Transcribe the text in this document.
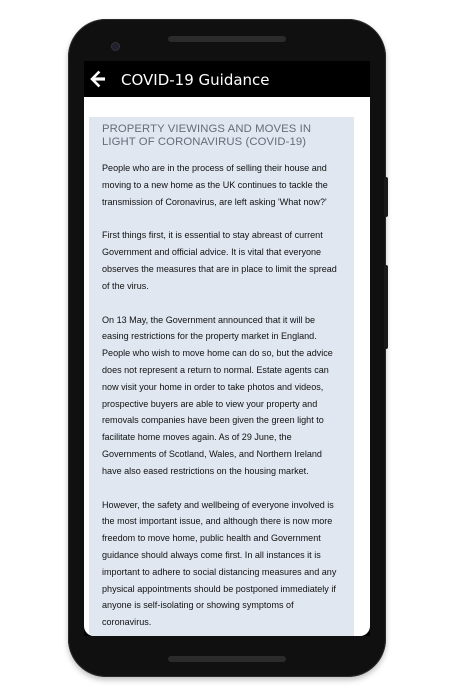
COVID-19 Guidance
PROPERTY VIEWINGS AND MOVES IN LIGHT OF CORONAVIRUS (COVID-19)

People who are in the process of selling their house and moving to a new home as the UK continues to tackle the transmission of Coronavirus, are left asking 'What now?'

First things first, it is essential to stay abreast of current Government and official advice. It is vital that everyone observes the measures that are in place to limit the spread of the virus.

On 13 May, the Government announced that it will be easing restrictions for the property market in England. People who wish to move home can do so, but the advice does not represent a return to normal. Estate agents can now visit your home in order to take photos and videos, prospective buyers are able to view your property and removals companies have been given the green light to facilitate home moves again. As of 29 June, the Governments of Scotland, Wales, and Northern Ireland have also eased restrictions on the housing market.

However, the safety and wellbeing of everyone involved is the most important issue, and although there is now more freedom to move home, public health and Government guidance should always come first. In all instances it is important to adhere to social distancing measures and any physical appointments should be postponed immediately if anyone is self-isolating or showing symptoms of coronavirus.
